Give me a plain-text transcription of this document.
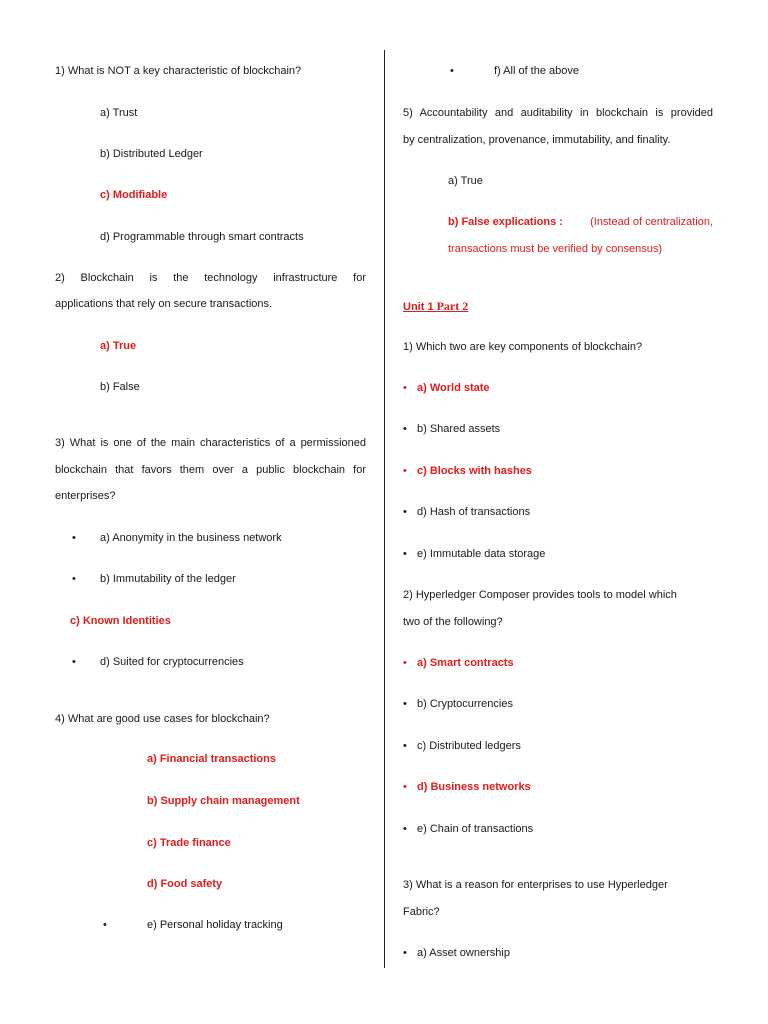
1) What is NOT a key characteristic of blockchain?
a) Trust
b) Distributed Ledger
c) Modifiable
d) Programmable through smart contracts
2) Blockchain is the technology infrastructure for
applications that rely on secure transactions.
a) True
b) False
3) What is one of the main characteristics of a permissioned
blockchain that favors them over a public blockchain for
enterprises?
• a) Anonymity in the business network
• b) Immutability of the ledger
c) Known Identities
• d) Suited for cryptocurrencies
4) What are good use cases for blockchain?
a) Financial transactions
b) Supply chain management
c) Trade finance
d) Food safety
•	e) Personal holiday tracking
•	f) All of the above
5) Accountability and auditability in blockchain is provided
by centralization, provenance, immutability, and finality.
a) True
b) False explications : (Instead of centralization,
transactions must be verified by consensus)
Unit 1 Part 2
1) Which two are key components of blockchain?
• a) World state
• b) Shared assets
• c) Blocks with hashes
• d) Hash of transactions
• e) Immutable data storage
2) Hyperledger Composer provides tools to model which
two of the following?
• a) Smart contracts
• b) Cryptocurrencies
• c) Distributed ledgers
• d) Business networks
• e) Chain of transactions
3) What is a reason for enterprises to use Hyperledger
Fabric?
• a) Asset ownership
